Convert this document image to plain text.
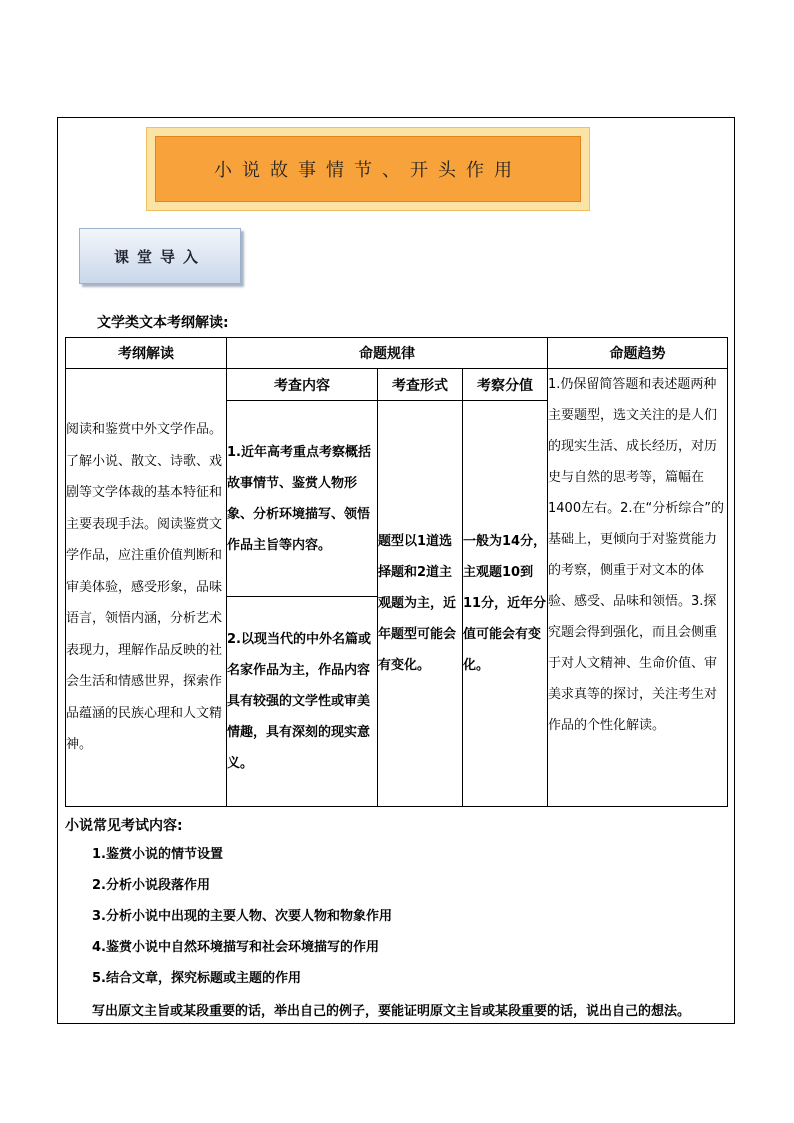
小说故事情节、开头作用
课堂导入
文学类文本考纲解读:
考纲解读	命题规律			命题趋势
阅读和鉴赏中外文学作品。了解小说、散文、诗歌、戏剧等文学体裁的基本特征和主要表现手法。阅读鉴赏文学作品，应注重价值判断和审美体验，感受形象，品味语言，领悟内涵，分析艺术表现力，理解作品反映的社会生活和情感世界，探索作品蕴涵的民族心理和人文精神。	考查内容	考查形式	考察分值	1.仍保留简答题和表述题两种主要题型，选文关注的是人们的现实生活、成长经历，对历史与自然的思考等，篇幅在1400左右。2.在“分析综合”的基础上，更倾向于对鉴赏能力的考察，侧重于对文本的体验、感受、品味和领悟。3.探究题会得到强化，而且会侧重于对人文精神、生命价值、审美求真等的探讨，关注考生对作品的个性化解读。
	1.近年高考重点考察概括故事情节、鉴赏人物形象、分析环境描写、领悟作品主旨等内容。	题型以1道选择题和2道主观题为主，近年题型可能会有变化。	一般为14分，主观题10到11分，近年分值可能会有变化。	
	2.以现当代的中外名篇或名家作品为主，作品内容具有较强的文学性或审美情趣，具有深刻的现实意义。			
小说常见考试内容:
1.鉴赏小说的情节设置
2.分析小说段落作用
3.分析小说中出现的主要人物、次要人物和物象作用
4.鉴赏小说中自然环境描写和社会环境描写的作用
5.结合文章，探究标题或主题的作用
写出原文主旨或某段重要的话，举出自己的例子，要能证明原文主旨或某段重要的话，说出自己的想法。
